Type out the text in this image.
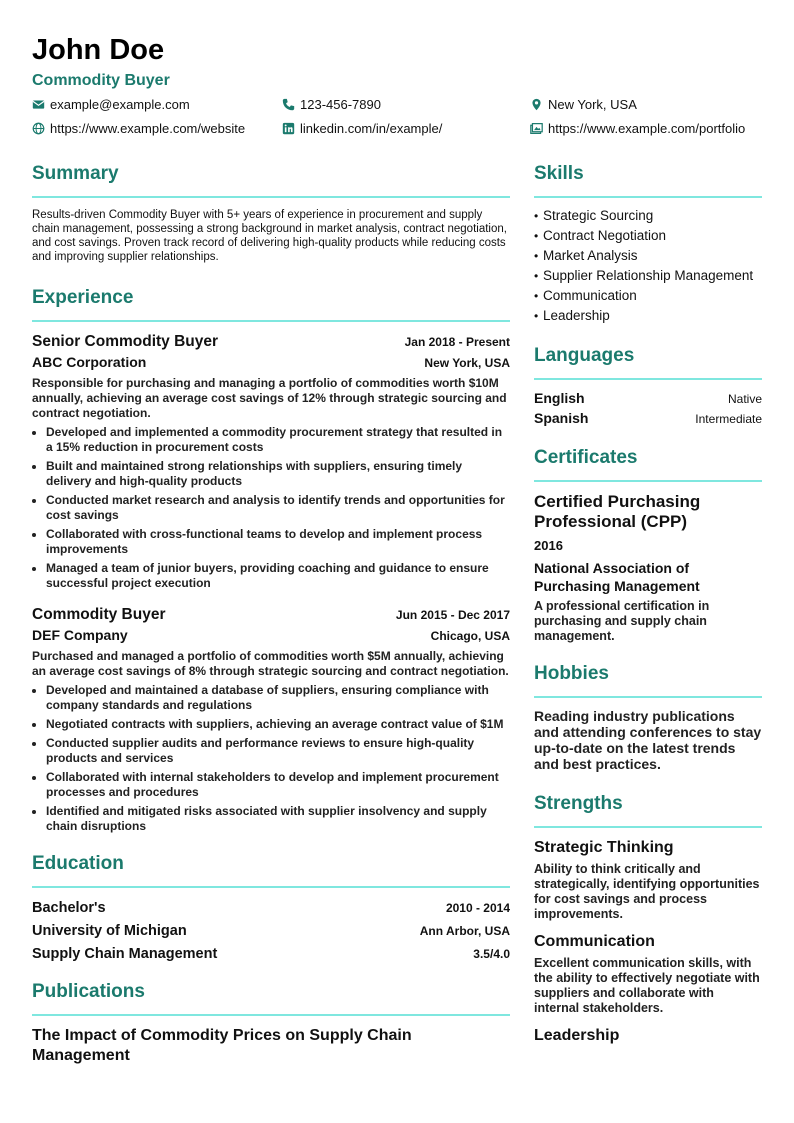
John Doe
Commodity Buyer
example@example.com	123-456-7890	New York, USA
https://www.example.com/website	linkedin.com/in/example/	https://www.example.com/portfolio
Summary
Results-driven Commodity Buyer with 5+ years of experience in procurement and supply chain management, possessing a strong background in market analysis, contract negotiation, and cost savings. Proven track record of delivering high-quality products while reducing costs and improving supplier relationships.
Experience
Senior Commodity Buyer	Jan 2018 - Present
ABC Corporation	New York, USA
Responsible for purchasing and managing a portfolio of commodities worth $10M annually, achieving an average cost savings of 12% through strategic sourcing and contract negotiation.
• Developed and implemented a commodity procurement strategy that resulted in a 15% reduction in procurement costs
• Built and maintained strong relationships with suppliers, ensuring timely delivery and high-quality products
• Conducted market research and analysis to identify trends and opportunities for cost savings
• Collaborated with cross-functional teams to develop and implement process improvements
• Managed a team of junior buyers, providing coaching and guidance to ensure successful project execution
Commodity Buyer	Jun 2015 - Dec 2017
DEF Company	Chicago, USA
Purchased and managed a portfolio of commodities worth $5M annually, achieving an average cost savings of 8% through strategic sourcing and contract negotiation.
• Developed and maintained a database of suppliers, ensuring compliance with company standards and regulations
• Negotiated contracts with suppliers, achieving an average contract value of $1M
• Conducted supplier audits and performance reviews to ensure high-quality products and services
• Collaborated with internal stakeholders to develop and implement procurement processes and procedures
• Identified and mitigated risks associated with supplier insolvency and supply chain disruptions
Education
Bachelor's	2010 - 2014
University of Michigan	Ann Arbor, USA
Supply Chain Management	3.5/4.0
Publications
The Impact of Commodity Prices on Supply Chain Management
Skills
• Strategic Sourcing
• Contract Negotiation
• Market Analysis
• Supplier Relationship Management
• Communication
• Leadership
Languages
English	Native
Spanish	Intermediate
Certificates
Certified Purchasing Professional (CPP)
2016
National Association of Purchasing Management
A professional certification in purchasing and supply chain management.
Hobbies
Reading industry publications and attending conferences to stay up-to-date on the latest trends and best practices.
Strengths
Strategic Thinking
Ability to think critically and strategically, identifying opportunities for cost savings and process improvements.
Communication
Excellent communication skills, with the ability to effectively negotiate with suppliers and collaborate with internal stakeholders.
Leadership
